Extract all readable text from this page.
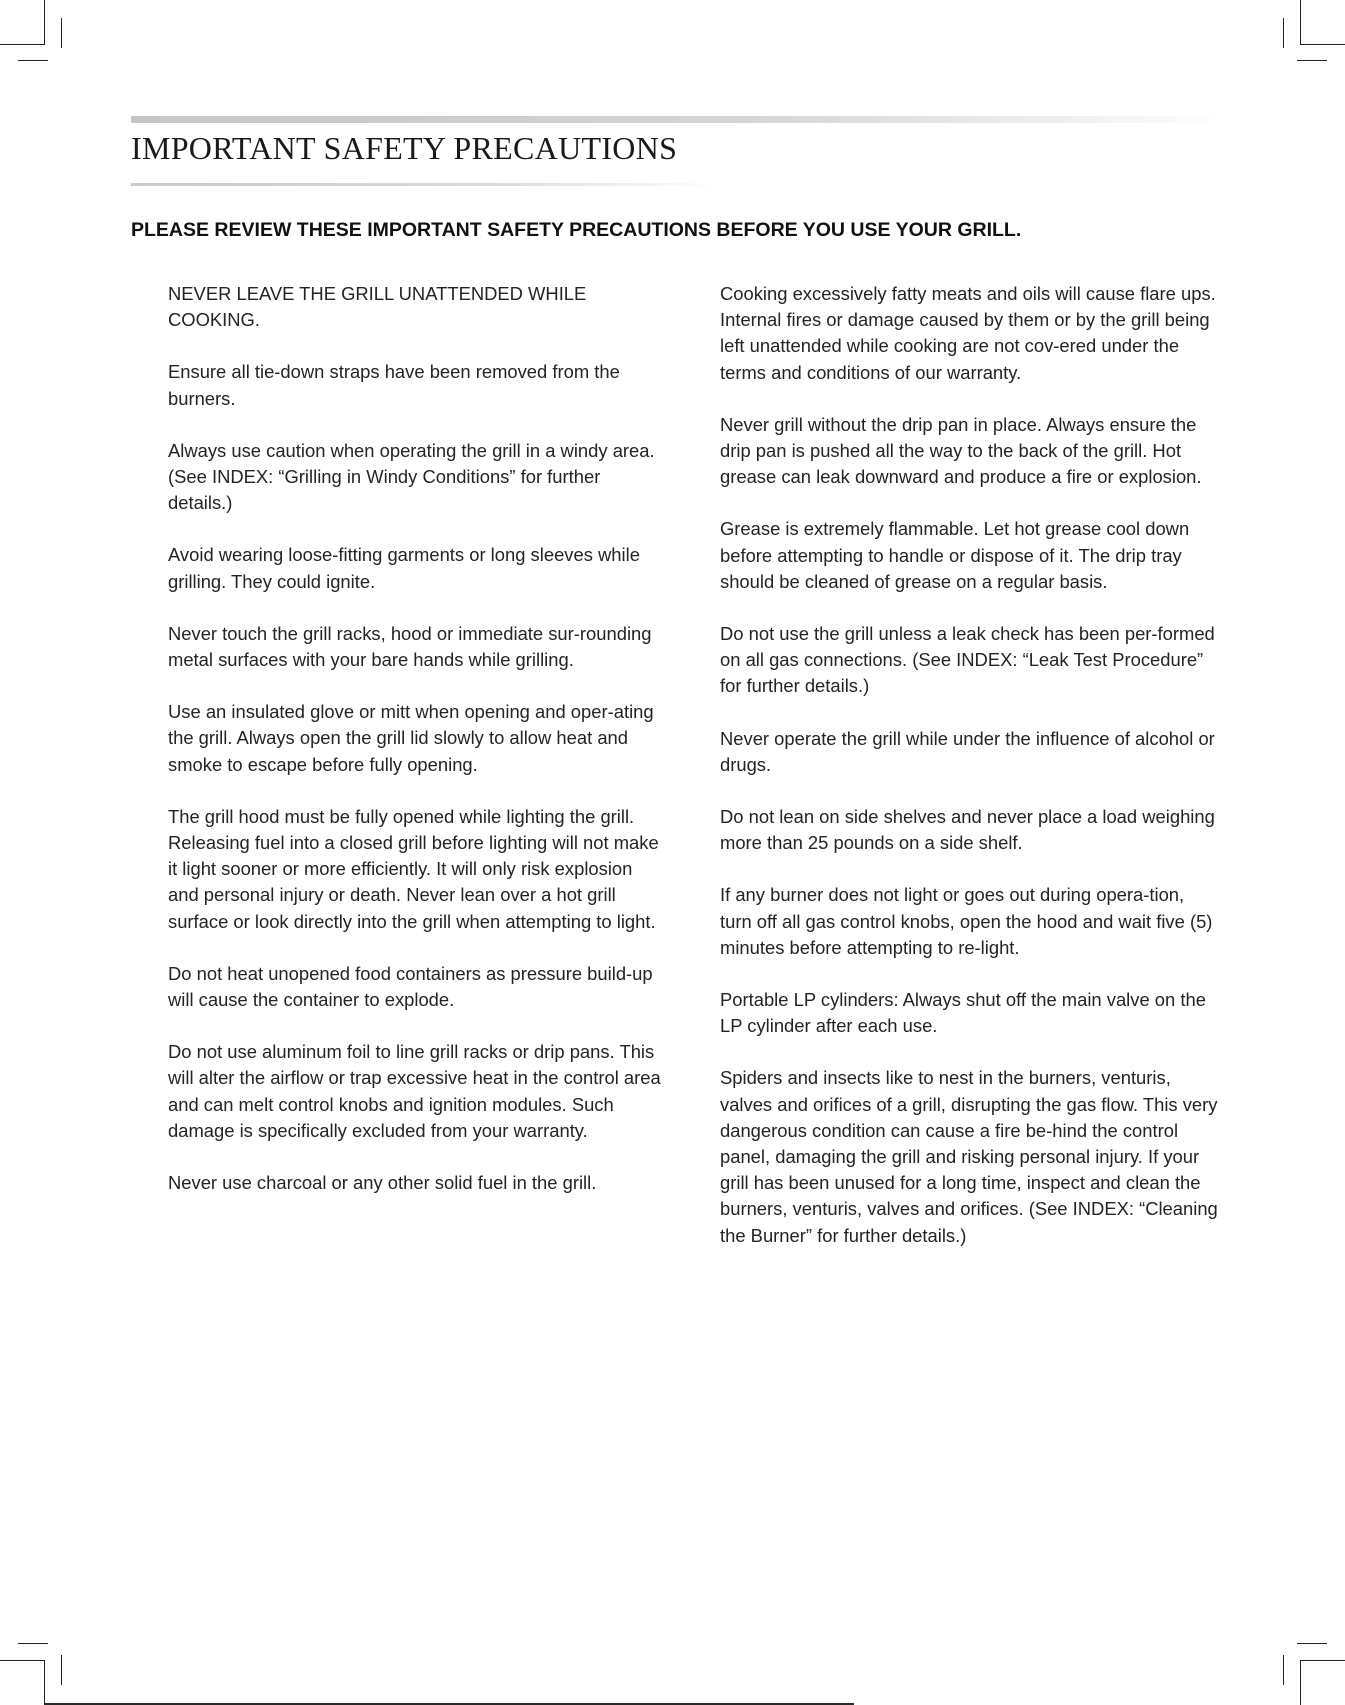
IMPORTANT SAFETY PRECAUTIONS
PLEASE REVIEW THESE IMPORTANT SAFETY PRECAUTIONS BEFORE YOU USE YOUR GRILL.

NEVER LEAVE THE GRILL UNATTENDED WHILE COOKING.

Ensure all tie-down straps have been removed from the burners.

Always use caution when operating the grill in a windy area. (See INDEX: “Grilling in Windy Conditions” for further details.)

Avoid wearing loose-fitting garments or long sleeves while grilling. They could ignite.

Never touch the grill racks, hood or immediate sur-rounding metal surfaces with your bare hands while grilling.

Use an insulated glove or mitt when opening and oper-ating the grill. Always open the grill lid slowly to allow heat and smoke to escape before fully opening.

The grill hood must be fully opened while lighting the grill. Releasing fuel into a closed grill before lighting will not make it light sooner or more efficiently. It will only risk explosion and personal injury or death. Never lean over a hot grill surface or look directly into the grill when attempting to light.

Do not heat unopened food containers as pressure build-up will cause the container to explode.

Do not use aluminum foil to line grill racks or drip pans. This will alter the airflow or trap excessive heat in the control area and can melt control knobs and ignition modules. Such damage is specifically excluded from your warranty.

Never use charcoal or any other solid fuel in the grill.

Cooking excessively fatty meats and oils will cause flare ups. Internal fires or damage caused by them or by the grill being left unattended while cooking are not cov-ered under the terms and conditions of our warranty.

Never grill without the drip pan in place. Always ensure the drip pan is pushed all the way to the back of the grill. Hot grease can leak downward and produce a fire or explosion.

Grease is extremely flammable. Let hot grease cool down before attempting to handle or dispose of it. The drip tray should be cleaned of grease on a regular basis.

Do not use the grill unless a leak check has been per-formed on all gas connections. (See INDEX: “Leak Test Procedure” for further details.)

Never operate the grill while under the influence of alcohol or drugs.

Do not lean on side shelves and never place a load weighing more than 25 pounds on a side shelf.

If any burner does not light or goes out during opera-tion, turn off all gas control knobs, open the hood and wait five (5) minutes before attempting to re-light.

Portable LP cylinders: Always shut off the main valve on the LP cylinder after each use.

Spiders and insects like to nest in the burners, venturis, valves and orifices of a grill, disrupting the gas flow. This very dangerous condition can cause a fire be-hind the control panel, damaging the grill and risking personal injury. If your grill has been unused for a long time, inspect and clean the burners, venturis, valves and orifices. (See INDEX: “Cleaning the Burner” for further details.)
